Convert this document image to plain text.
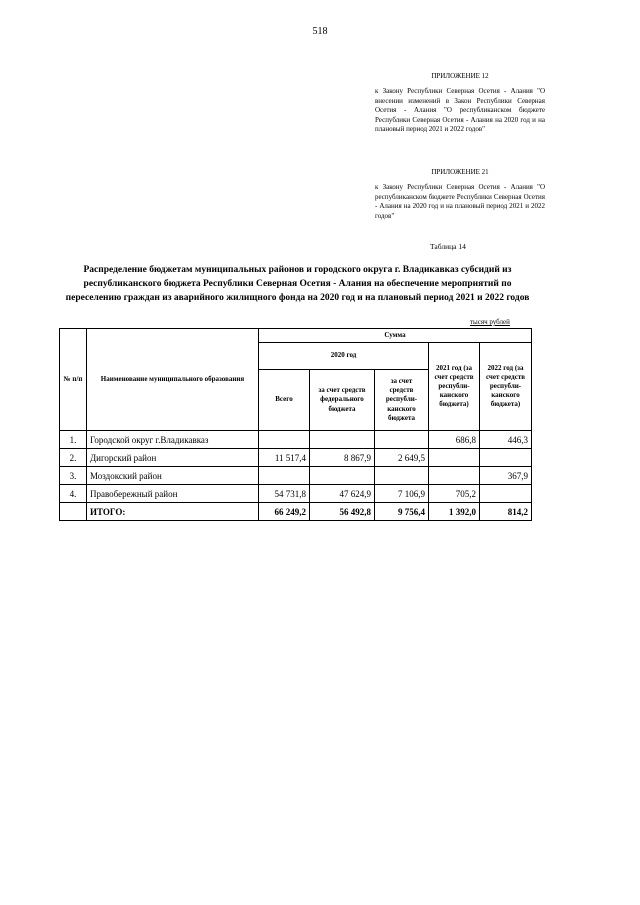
518
ПРИЛОЖЕНИЕ 12
к Закону Республики Северная Осетия - Алания "О внесении изменений в Закон Республики Северная Осетия - Алания "О республиканском бюджете Республики Северная Осетия - Алания на 2020 год и на плановый период 2021 и 2022 годов"
ПРИЛОЖЕНИЕ 21
к Закону Республики Северная Осетия - Алания "О республиканском бюджете Республики Северная Осетия - Алания на 2020 год и на плановый период 2021 и 2022 годов"
Таблица 14
Распределение бюджетам муниципальных районов и городского округа г. Владикавказ субсидий из республиканского бюджета Республики Северная Осетия - Алания на обеспечение мероприятий по переселению граждан из аварийного жилищного фонда на 2020 год и на плановый период 2021 и 2022 годов
тысяч рублей
№ п/п	Наименование муниципального образования	Сумма				
		2020 год			2021 год (за счет средств республи-канского бюджета)	2022 год (за счет средств республи-канского бюджета)
		Всего	за счет средств федерального бюджета	за счет средств республи-канского бюджета		
1.	Городской округ г.Владикавказ				686,8	446,3
2.	Дигорский район	11 517,4	8 867,9	2 649,5		
3.	Моздокский район					367,9
4.	Правобережный район	54 731,8	47 624,9	7 106,9	705,2	
	ИТОГО:	66 249,2	56 492,8	9 756,4	1 392,0	814,2
